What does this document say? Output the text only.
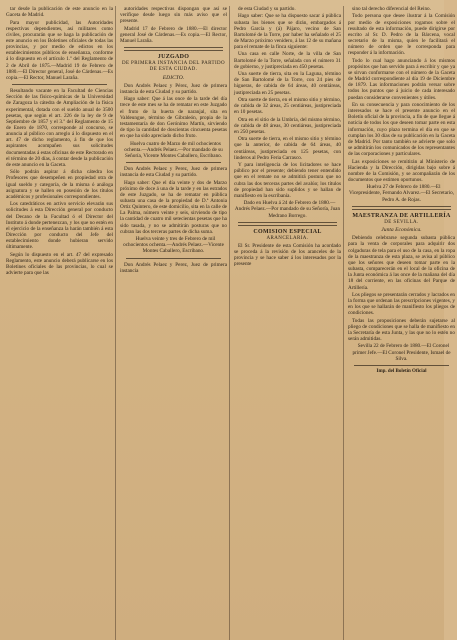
tar desde la publicación de este anuncio en la Gaceta de Madrid.

Para mayor publicidad, las Autoridades respectivas dependientes, así militares como civiles, procurarán que se haga la publicación de este anuncio en los Boletines oficiales de todas las provincias, y por medio de edictos en los establecimientos públicos de enseñanza, conforme á lo dispuesto en el artículo 1.º del Reglamento de 2 de Abril de 1875.—Madrid 19 de Febrero de 1880.—El Director general, José de Cárdenas.—Es copia.—El Rector, Manuel Laraña.

Resultando vacante en la Facultad de Ciencias Sección de las físico-químicas de la Universidad de Zaragoza la cátedra de Ampliación de la física experimental, dotada con el sueldo anual de 3500 pesetas, que según el art. 226 de la ley de 9 de Septiembre de 1857 y el 3.º del Reglamento de 15 de Enero de 1870, corresponde al concurso, se anuncia al público con arreglo á lo dispuesto en el art. 47 de dicho reglamento, á fin de que los aspirantes acompañen sus solicitudes documentadas á estas oficinas de este Rectorado en el término de 20 días, á contar desde la publicación de este anuncio en la Gaceta.

Sólo podrán aspirar á dicha cátedra los Profesores que desempeñen en propiedad otra de igual sueldo y categoría, de la misma ó análoga asignatura y se hallen en posesión de los títulos académicos y profesionales correspondientes.

Los catedráticos en activo servicio elevarán sus solicitudes á esta Dirección general por conducto del Decano de la Facultad ó el Director del Instituto á donde pertenezcan, y los que no estén en el ejercicio de la enseñanza la harán también á esta Dirección por conducto del Jefe del establecimiento donde hubieran servido últimamente.

Según lo dispuesto en el art. 47 del expresado Reglamento, este anuncio deberá publicarse en los Boletines oficiales de las provincias, lo cual se advierte para que las

autoridades respectivas dispongan que así se verifique desde luego sin más aviso que el presente.

Madrid 17 de Febrero de 1880.—El director general José de Cárdenas.—Es copia.—El Rector, Manuel Laraña.

JUZGADO
DE PRIMERA INSTANCIA DEL PARTIDO DE ESTA CIUDAD.
EDICTO.

Don Andrés Pelaez y Pérez, Juez de primera instancia de esta Ciudad y su partido.

Hago saber: Que á las once de la tarde del día trece de este mes se ha de rematar en este Juzgado el fruto de la huerta de naranjal, sita en Valdeungue, término de Gibraleón, propia de la testamentaría de don Gerónimo Martín, sirviendo de tipo la cantidad de doscientas cincuenta pesetas en que ha sido apreciado dicho fruto.

Huelva cuatro de Marzo de mil ochocientos ochenta.—Andrés Pelaez.—Por mandado de su Señoría, Vicente Montes Caballero, Escribano.

Don Andrés Pelaez y Perez, Juez de primera instancia de esta Ciudad y su partido.

Hago saber: Que el día veinte y dos de Marzo próximo de doce á una de la tarde y en las estrados de este Juzgado, se ha de rematar en pública subasta una casa de la propiedad de D.ª Antonia Ortiz Quintero, de este domicilio, sita en la calle de La Palma, número veinte y seis, sirviendo de tipo la cantidad de cuatro mil setecientas pesetas que ha sido tasada, y no se admitirán posturas que no cubran las dos terceras partes de dicha suma.

Huelva veinte y tres de Febrero de mil ochocientos ochenta.—Andrés Pelaez.—Vicente Montes Caballero, Escribano.

Don Andrés Pelaez y Perez, Juez de primera instancia

de esta Ciudad y su partido.

Hago saber: Que se ha dispuesto sacar á pública subasta los bienes que se dirán, embargados á Pedro García y (á) Pájaro, vecino de San Bartolomé de la Torre, por haber ha señalado el 25 de Marzo próximo venidero, á las 12 de su mañana para el remate de la finca siguiente:

Una casa en calle Norte, de la villa de San Bartolomé de la Torre, señalada con el número 31 de gobierno, y justipreciada en 450 pesetas.

Una suerte de tierra, sita en la Laguna, término de San Bartolomé de la Torre, con 24 pies de higueras, de cabida de 64 áreas, 40 centiáreas, justipreciada en 25 pesetas.

Otra suerte de tierra, en el mismo sitio y término, de cabida de 32 áreas, 25 centiáreas, justipreciada en 10 pesetas.

Otra en el sitio de la Umbría, del mismo término, de cabida de 48 áreas, 30 centiáreas, justipreciada en 250 pesetas.

Otra suerte de tierra, en el mismo sitio y término que la anterior, de cabida de 64 áreas, 40 centiáreas, justipreciada en 125 pesetas, con linderos al Pedro Feria Carrasco.

Y para inteligencia de los licitadores se hace público por el presente; debiendo tener entendido que en el remate no se admitirá postura que no cubra las dos terceras partes del avalúo; los títulos de propiedad han sido suplidos y se hallan de manifiesto en la escribanía.

Dado en Huelva á 24 de Febrero de 1880.—Andrés Pelaez.—Por mandado de su Señoría, Juan Medrano Borrego.

COMISION ESPECIAL
ARANCELARIA.

El Sr. Presidente de esta Comisión ha acordado se proceda á la revisión de los aranceles de la provincia y se hace saber á los interesados por la presente

sino tal derecho diferencial del Reino.

Todo persona que desee ilustrar á la Comisión por medio de exposiciones rogamos sobre el resultado de esta información, puede dirigirse por escrito al Sr. D. Pedro de la Bárcena, vocal secretario de la misma, quien le facilitará el número de orden que le corresponda para responder á la información.

Todo lo cual hago anunciando á los mismos propósitos que han servido para á escribir y que ya se sirvan conformarse con el número de la Gaceta de Madrid correspondiente al día 19 de Diciembre de 1879. Las informaciones podrán versar sobre todos los puntos que á juicio de cada interesado puedan considerarse convenientes y útiles.

En su consecuencia y para conocimiento de los interesados se hace el presente anuncio en el Boletín oficial de la provincia, a fin de que llegue á noticia de todos los que deseen tomar parte en esta información, cuyo plazo termina el día en que se cumplan los 30 días de su publicación en la Gaceta de Madrid. Por tanto también se advierte que solo se admitirán los comunicados de los representantes de las corporaciones y particulares.

Las exposiciones se remitirán al Ministerio de Hacienda y la Dirección, dirigidas bajo sobre á nombre de la Comisión, y se acompañarán de los documentos que estimen oportunos.

Huelva 27 de Febrero de 1880.—El Vicepresidente, Fernando Alvarez.—El Secretario, Pedro A. de Rojas.

MAESTRANZA DE ARTILLERÍA
DE SEVILLA.
Junta Económica.

Debiendo celebrarse segunda subasta pública para la venta de corporales para adquirir dos colgaduras de tela para el uso de la casa, en la ropa de la maestranza de esta plaza, se avisa al público que los señores que deseen tomar parte en la subasta, comparecerán en el local de la oficina de la Junta económica á las once de la mañana del día 18 del corriente, en las oficinas del Parque de Artillería.

Los pliegos se presentarán cerrados y lacrados en la forma que ordenan las prescripciones vigentes, y en los que se hallarán de manifiesto los pliegos de condiciones.

Todas las proposiciones deberán sujetarse al pliego de condiciones que se halla de manifiesto en la Secretaría de esta Junta, y las que no lo estén no serán admitidas.

Sevilla 22 de Febrero de 1880.—El Coronel primer Jefe.—El Coronel Presidente, Ismael de Silva.

Imp. del Boletín Oficial
